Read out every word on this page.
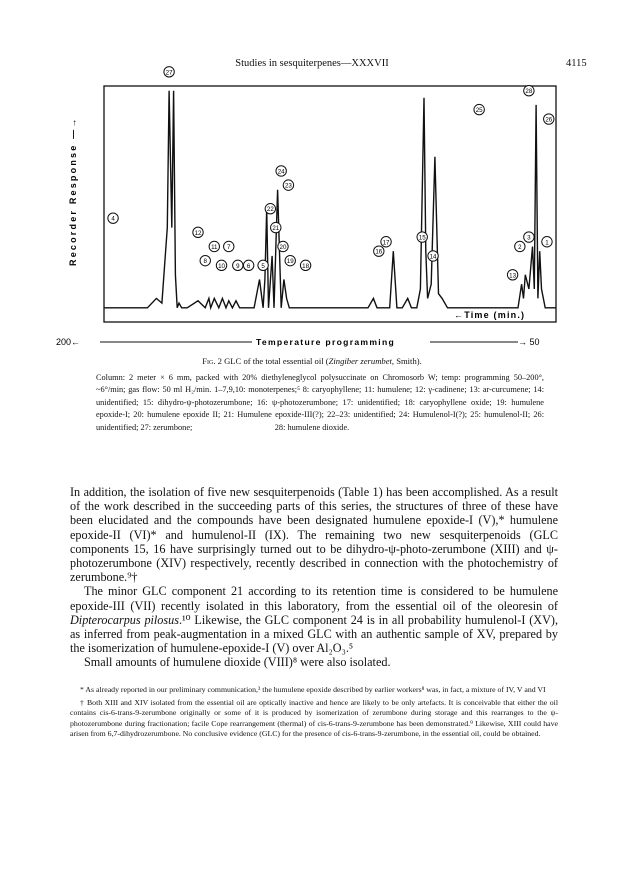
Studies in sesquiterpenes—XXXVII	4115
Recorder Response —→
27
28
26
25
24
23
22
21
20
19
18
17
16
15
14
13
12
11
10 9
8
7
6 5
4
3
2
1
←Time (min.)
200←	Temperature programming	→ 50
Fig. 2 GLC of the total essential oil (Zingiber zerumbet, Smith).
Column: 2 meter × 6 mm, packed with 20% diethyleneglycol polysuccinate on Chromosorb W; temp: programming 50–200°, ~6°/min; gas flow: 50 ml H₂/min. 1–7,9,10: monoterpenes;⁵ 8: caryophyllene; 11: humulene; 12: γ-cadinene; 13: ar-curcumene; 14: unidentified; 15: dihydro-ψ-photozerumbone; 16: ψ-photozerumbone; 17: unidentified; 18: caryophyllene oxide; 19: humulene epoxide-I; 20: humulene epoxide II; 21: Humulene epoxide-III(?); 22–23: unidentified; 24: Humulenol-I(?); 25: humulenol-II; 26: unidentified; 27: zerumbone;	28: humulene dioxide.

In addition, the isolation of five new sesquiterpenoids (Table 1) has been accomplished. As a result of the work described in the succeeding parts of this series, the structures of three of these have been elucidated and the compounds have been designated humulene epoxide-I (V),* humulene epoxide-II (VI)* and humulenol-II (IX). The remaining two new sesquiterpenoids (GLC components 15, 16 have surprisingly turned out to be dihydro-ψ-photo-zerumbone (XIII) and ψ-photozerumbone (XIV) respectively, recently described in connection with the photochemistry of zerumbone.⁹†

The minor GLC component 21 according to its retention time is considered to be humulene epoxide-III (VII) recently isolated in this laboratory, from the essential oil of the oleoresin of Dipterocarpus pilosus.¹⁰ Likewise, the GLC component 24 is in all probability humulenol-I (XV), as inferred from peak-augmentation in a mixed GLC with an authentic sample of XV, prepared by the isomerization of humulene-epoxide-I (V) over Al₂O₃.⁵

Small amounts of humulene dioxide (VIII)⁸ were also isolated.

* As already reported in our preliminary communication,³ the humulene epoxide described by earlier workers⁸ was, in fact, a mixture of IV, V and VI

† Both XIII and XIV isolated from the essential oil are optically inactive and hence are likely to be only artefacts. It is conceivable that either the oil contains cis-6-trans-9-zerumbone originally or some of it is produced by isomerization of zerumbone during storage and this rearranges to the ψ-photozerumbone during fractionation; facile Cope rearrangement (thermal) of cis-6-trans-9-zerumbone has been demonstrated.⁹ Likewise, XIII could have arisen from 6,7-dihydrozerumbone. No conclusive evidence (GLC) for the presence of cis-6-trans-9-zerumbone, in the essential oil, could be obtained.
